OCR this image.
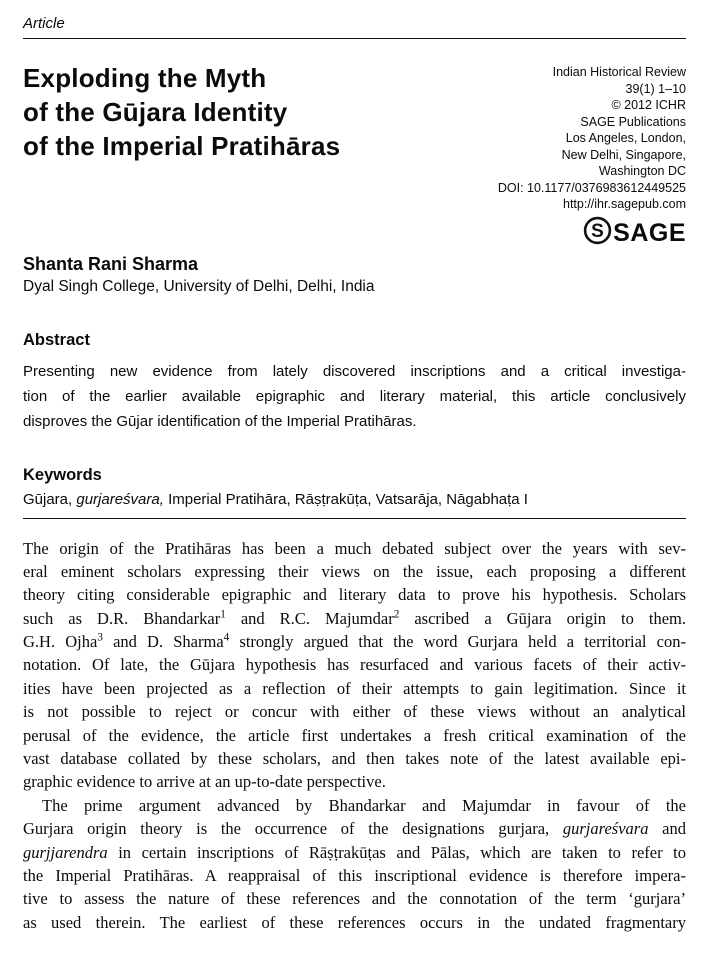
Article
Exploding the Myth
of the Gūjara Identity
of the Imperial Pratihāras
Indian Historical Review
39(1) 1–10
© 2012 ICHR
SAGE Publications
Los Angeles, London,
New Delhi, Singapore,
Washington DC
DOI: 10.1177/0376983612449525
http://ihr.sagepub.com
S SAGE
Shanta Rani Sharma
Dyal Singh College, University of Delhi, Delhi, India
Abstract
Presenting new evidence from lately discovered inscriptions and a critical investiga-
tion of the earlier available epigraphic and literary material, this article conclusively
disproves the Gūjar identification of the Imperial Pratihāras.
Keywords
Gūjara, gurjareśvara, Imperial Pratihāra, Rāṣṭrakūṭa, Vatsarāja, Nāgabhaṭa I
The origin of the Pratihāras has been a much debated subject over the years with sev-
eral eminent scholars expressing their views on the issue, each proposing a different
theory citing considerable epigraphic and literary data to prove his hypothesis. Scholars
such as D.R. Bhandarkar$^1$ and R.C. Majumdar$^2$ ascribed a Gūjara origin to them.
G.H. Ojha$^3$ and D. Sharma$^4$ strongly argued that the word Gurjara held a territorial con-
notation. Of late, the Gūjara hypothesis has resurfaced and various facets of their activ-
ities have been projected as a reflection of their attempts to gain legitimation. Since it
is not possible to reject or concur with either of these views without an analytical
perusal of the evidence, the article first undertakes a fresh critical examination of the
vast database collated by these scholars, and then takes note of the latest available epi-
graphic evidence to arrive at an up-to-date perspective.
The prime argument advanced by Bhandarkar and Majumdar in favour of the
Gurjara origin theory is the occurrence of the designations gurjara, gurjareśvara and
gurjjarendra in certain inscriptions of Rāṣṭrakūṭas and Pālas, which are taken to refer to
the Imperial Pratihāras. A reappraisal of this inscriptional evidence is therefore impera-
tive to assess the nature of these references and the connotation of the term ‘gurjara’
as used therein. The earliest of these references occurs in the undated fragmentary
